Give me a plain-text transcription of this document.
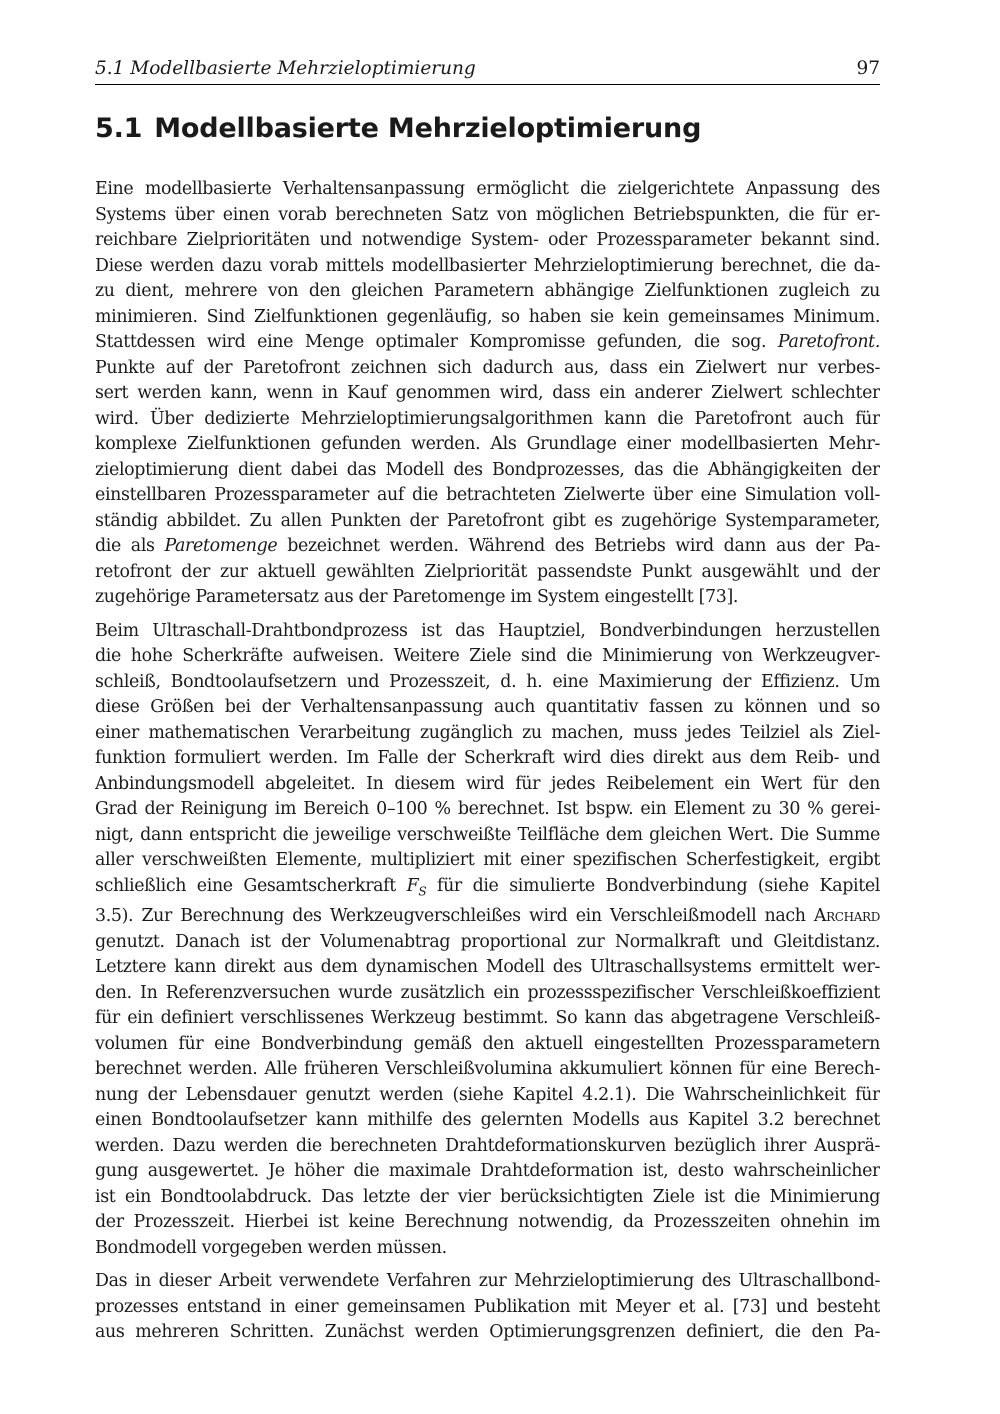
5.1 Modellbasierte Mehrzieloptimierung	97
5.1 Modellbasierte Mehrzieloptimierung

Eine modellbasierte Verhaltensanpassung ermöglicht die zielgerichtete Anpassung des
Systems über einen vorab berechneten Satz von möglichen Betriebspunkten, die für er-
reichbare Zielprioritäten und notwendige System- oder Prozessparameter bekannt sind.
Diese werden dazu vorab mittels modellbasierter Mehrzieloptimierung berechnet, die da-
zu dient, mehrere von den gleichen Parametern abhängige Zielfunktionen zugleich zu
minimieren. Sind Zielfunktionen gegenläufig, so haben sie kein gemeinsames Minimum.
Stattdessen wird eine Menge optimaler Kompromisse gefunden, die sog. Paretofront.
Punkte auf der Paretofront zeichnen sich dadurch aus, dass ein Zielwert nur verbes-
sert werden kann, wenn in Kauf genommen wird, dass ein anderer Zielwert schlechter
wird. Über dedizierte Mehrzieloptimierungsalgorithmen kann die Paretofront auch für
komplexe Zielfunktionen gefunden werden. Als Grundlage einer modellbasierten Mehr-
zieloptimierung dient dabei das Modell des Bondprozesses, das die Abhängigkeiten der
einstellbaren Prozessparameter auf die betrachteten Zielwerte über eine Simulation voll-
ständig abbildet. Zu allen Punkten der Paretofront gibt es zugehörige Systemparameter,
die als Paretomenge bezeichnet werden. Während des Betriebs wird dann aus der Pa-
retofront der zur aktuell gewählten Zielpriorität passendste Punkt ausgewählt und der
zugehörige Parametersatz aus der Paretomenge im System eingestellt [73].

Beim Ultraschall-Drahtbondprozess ist das Hauptziel, Bondverbindungen herzustellen
die hohe Scherkräfte aufweisen. Weitere Ziele sind die Minimierung von Werkzeugver-
schleiß, Bondtoolaufsetzern und Prozesszeit, d. h. eine Maximierung der Effizienz. Um
diese Größen bei der Verhaltensanpassung auch quantitativ fassen zu können und so
einer mathematischen Verarbeitung zugänglich zu machen, muss jedes Teilziel als Ziel-
funktion formuliert werden. Im Falle der Scherkraft wird dies direkt aus dem Reib- und
Anbindungsmodell abgeleitet. In diesem wird für jedes Reibelement ein Wert für den
Grad der Reinigung im Bereich 0–100 % berechnet. Ist bspw. ein Element zu 30 % gerei-
nigt, dann entspricht die jeweilige verschweißte Teilfläche dem gleichen Wert. Die Summe
aller verschweißten Elemente, multipliziert mit einer spezifischen Scherfestigkeit, ergibt
schließlich eine Gesamtscherkraft $F_S$ für die simulierte Bondverbindung (siehe Kapitel
3.5). Zur Berechnung des Werkzeugverschleißes wird ein Verschleißmodell nach Archard
genutzt. Danach ist der Volumenabtrag proportional zur Normalkraft und Gleitdistanz.
Letztere kann direkt aus dem dynamischen Modell des Ultraschallsystems ermittelt wer-
den. In Referenzversuchen wurde zusätzlich ein prozessspezifischer Verschleißkoeffizient
für ein definiert verschlissenes Werkzeug bestimmt. So kann das abgetragene Verschleiß-
volumen für eine Bondverbindung gemäß den aktuell eingestellten Prozessparametern
berechnet werden. Alle früheren Verschleißvolumina akkumuliert können für eine Berech-
nung der Lebensdauer genutzt werden (siehe Kapitel 4.2.1). Die Wahrscheinlichkeit für
einen Bondtoolaufsetzer kann mithilfe des gelernten Modells aus Kapitel 3.2 berechnet
werden. Dazu werden die berechneten Drahtdeformationskurven bezüglich ihrer Ausprä-
gung ausgewertet. Je höher die maximale Drahtdeformation ist, desto wahrscheinlicher
ist ein Bondtoolabdruck. Das letzte der vier berücksichtigten Ziele ist die Minimierung
der Prozesszeit. Hierbei ist keine Berechnung notwendig, da Prozesszeiten ohnehin im
Bondmodell vorgegeben werden müssen.

Das in dieser Arbeit verwendete Verfahren zur Mehrzieloptimierung des Ultraschallbond-
prozesses entstand in einer gemeinsamen Publikation mit Meyer et al. [73] und besteht
aus mehreren Schritten. Zunächst werden Optimierungsgrenzen definiert, die den Pa-
